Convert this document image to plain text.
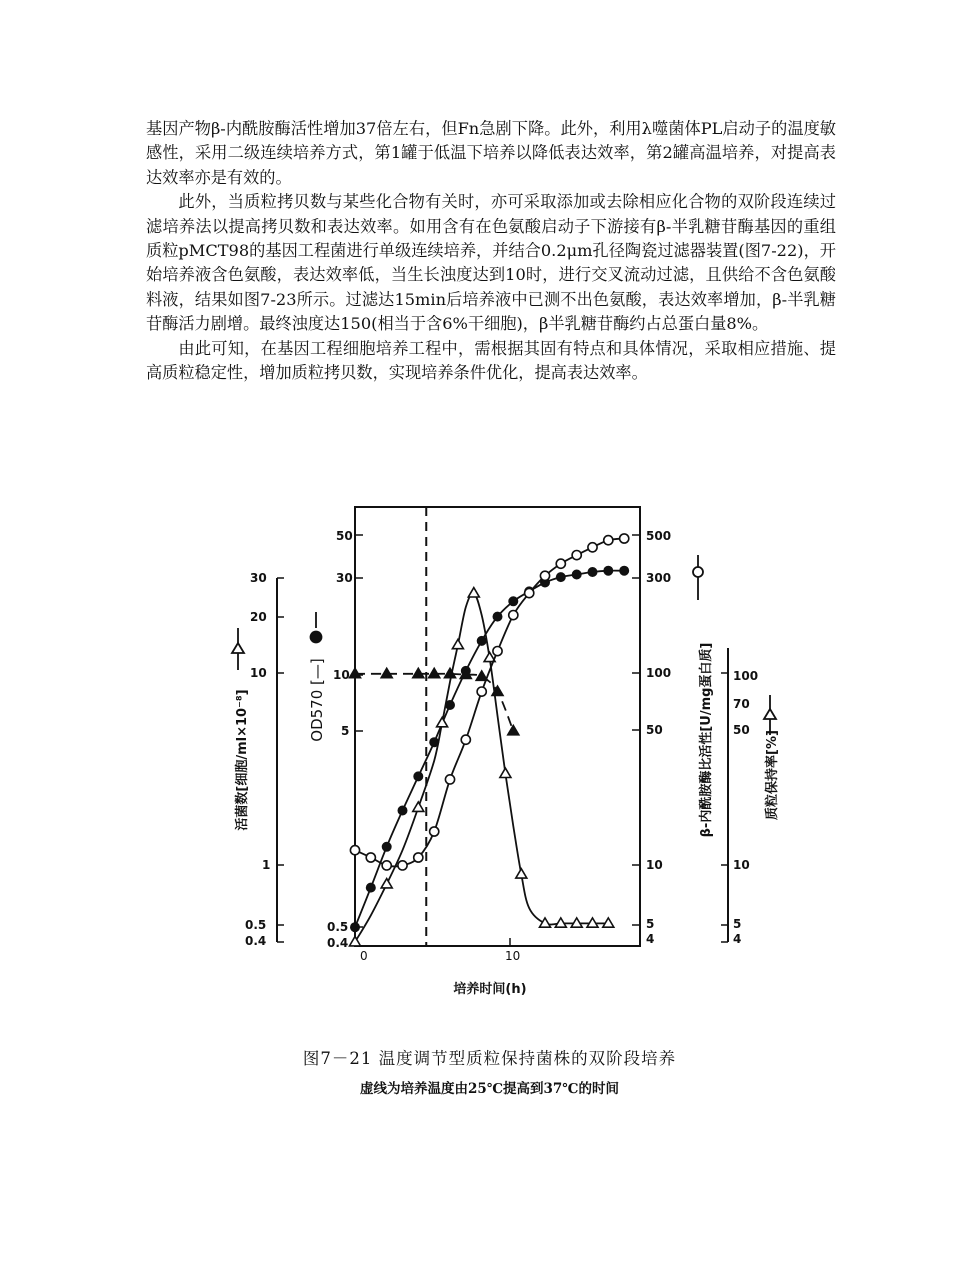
基因产物β-内酰胺酶活性增加37倍左右，但Fn急剧下降。此外，利用λ噬菌体PL启动子的温度敏感性，采用二级连续培养方式，第1罐于低温下培养以降低表达效率，第2罐高温培养，对提高表达效率亦是有效的。

此外，当质粒拷贝数与某些化合物有关时，亦可采取添加或去除相应化合物的双阶段连续过滤培养法以提高拷贝数和表达效率。如用含有在色氨酸启动子下游接有β-半乳糖苷酶基因的重组质粒pMCT98的基因工程菌进行单级连续培养，并结合0.2μm孔径陶瓷过滤器装置(图7-22)，开始培养液含色氨酸，表达效率低，当生长浊度达到10时，进行交叉流动过滤，且供给不含色氨酸料液，结果如图7-23所示。过滤达15min后培养液中已测不出色氨酸，表达效率增加，β-半乳糖苷酶活力剧增。最终浊度达150(相当于含6%干细胞)，β半乳糖苷酶约占总蛋白量8%。

由此可知，在基因工程细胞培养工程中，需根据其固有特点和具体情况，采取相应措施、提高质粒稳定性，增加质粒拷贝数，实现培养条件优化，提高表达效率。

30
20
10
1
0.5
0.4
50
30
10
5
0.5
0.4
500
300
100
50
10
5
4
100
70
50
10
5
4
0	10
培养时间(h)
活菌数[细胞/ml×10⁻⁸]	OD570 [—]	β-内酰胺酶比活性[U/mg蛋白质]	质粒保持率[%]
图7－21 温度调节型质粒保持菌株的双阶段培养
虚线为培养温度由25℃提高到37℃的时间
